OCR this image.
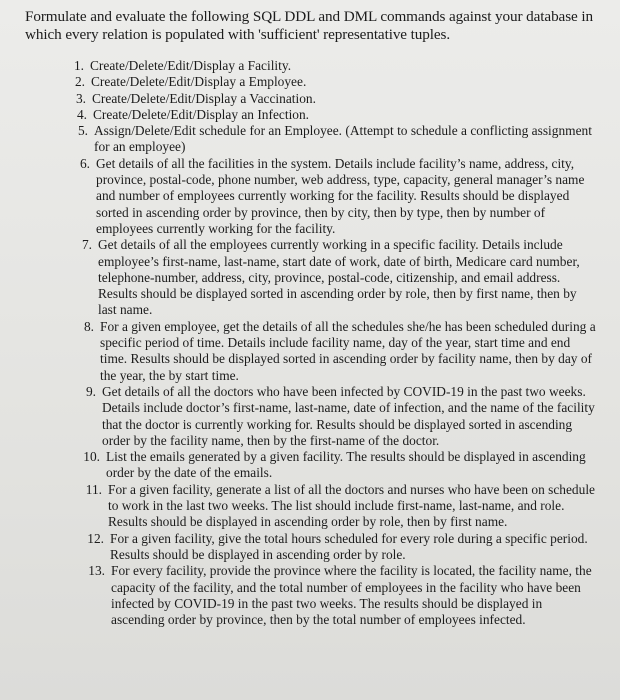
Formulate and evaluate the following SQL DDL and DML commands against your database in which every relation is populated with 'sufficient' representative tuples.

1. Create/Delete/Edit/Display a Facility.
2. Create/Delete/Edit/Display a Employee.
3. Create/Delete/Edit/Display a Vaccination.
4. Create/Delete/Edit/Display an Infection.
5. Assign/Delete/Edit schedule for an Employee. (Attempt to schedule a conflicting assignment for an employee)
6. Get details of all the facilities in the system. Details include facility’s name, address, city, province, postal-code, phone number, web address, type, capacity, general manager’s name and number of employees currently working for the facility. Results should be displayed sorted in ascending order by province, then by city, then by type, then by number of employees currently working for the facility.
7. Get details of all the employees currently working in a specific facility. Details include employee’s first-name, last-name, start date of work, date of birth, Medicare card number, telephone-number, address, city, province, postal-code, citizenship, and email address. Results should be displayed sorted in ascending order by role, then by first name, then by last name.
8. For a given employee, get the details of all the schedules she/he has been scheduled during a specific period of time. Details include facility name, day of the year, start time and end time. Results should be displayed sorted in ascending order by facility name, then by day of the year, the by start time.
9. Get details of all the doctors who have been infected by COVID-19 in the past two weeks. Details include doctor’s first-name, last-name, date of infection, and the name of the facility that the doctor is currently working for. Results should be displayed sorted in ascending order by the facility name, then by the first-name of the doctor.
10. List the emails generated by a given facility. The results should be displayed in ascending order by the date of the emails.
11. For a given facility, generate a list of all the doctors and nurses who have been on schedule to work in the last two weeks. The list should include first-name, last-name, and role. Results should be displayed in ascending order by role, then by first name.
12. For a given facility, give the total hours scheduled for every role during a specific period. Results should be displayed in ascending order by role.
13. For every facility, provide the province where the facility is located, the facility name, the capacity of the facility, and the total number of employees in the facility who have been infected by COVID-19 in the past two weeks. The results should be displayed in ascending order by province, then by the total number of employees infected.
